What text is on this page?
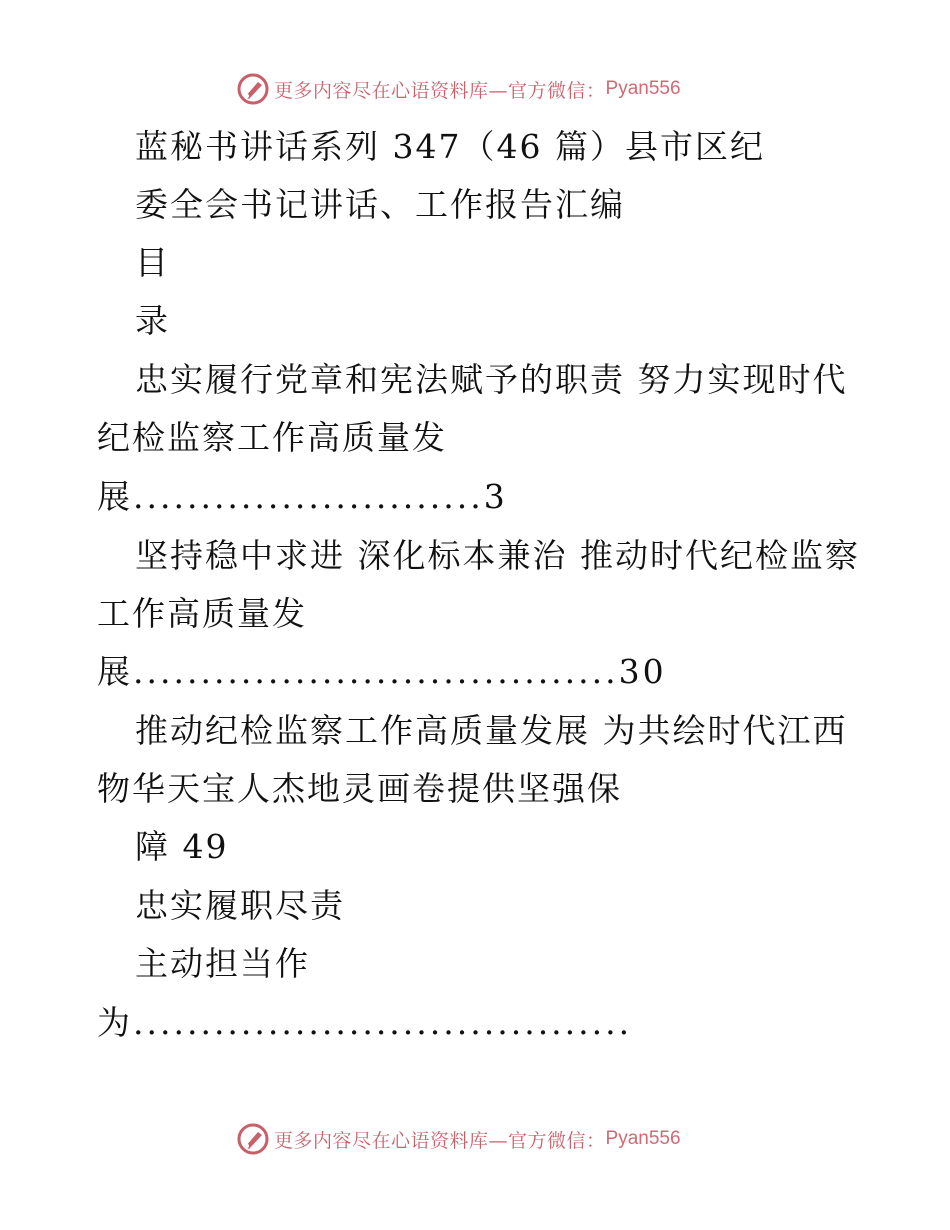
更多内容尽在心语资料库—官方微信： Pyan556
蓝秘书讲话系列 347（46 篇）县市区纪
委全会书记讲话、工作报告汇编
目
录
忠实履行党章和宪法赋予的职责 努力实现时代
纪检监察工作高质量发
展..........................3
坚持稳中求进 深化标本兼治 推动时代纪检监察
工作高质量发
展....................................30
推动纪检监察工作高质量发展 为共绘时代江西
物华天宝人杰地灵画卷提供坚强保
障 49
忠实履职尽责
主动担当作
为.....................................
更多内容尽在心语资料库—官方微信： Pyan556
